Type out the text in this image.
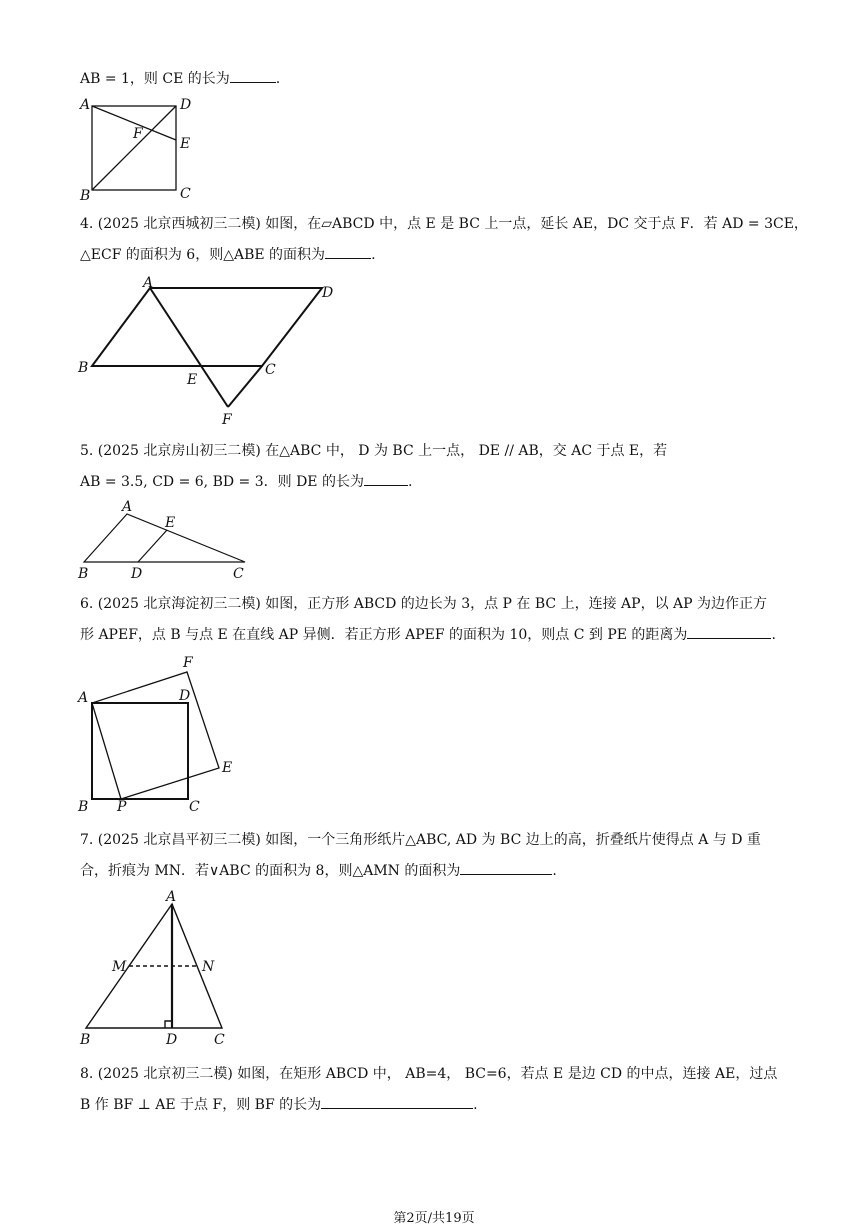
AB = 1，则 CE 的长为	.
A	D
F
E
B	C
4. (2025 北京西城初三二模) 如图，在▱ABCD 中，点 E 是 BC 上一点，延长 AE，DC 交于点 F．若 AD = 3CE，
△ECF 的面积为 6，则△ABE 的面积为	.
A
D
B
E
C
F
5. (2025 北京房山初三二模) 在△ABC 中， D 为 BC 上一点， DE // AB，交 AC 于点 E，若
AB = 3.5, CD = 6, BD = 3．则 DE 的长为	.
A
E
B	D	C
6. (2025 北京海淀初三二模) 如图，正方形 ABCD 的边长为 3，点 P 在 BC 上，连接 AP，以 AP 为边作正方
形 APEF，点 B 与点 E 在直线 AP 异侧．若正方形 APEF 的面积为 10，则点 C 到 PE 的距离为	.
F
A	D
E
B P	C
7. (2025 北京昌平初三二模) 如图，一个三角形纸片△ABC, AD 为 BC 边上的高，折叠纸片使得点 A 与 D 重
合，折痕为 MN．若∨ABC 的面积为 8，则△AMN 的面积为	.
A
M	N
B	D	C
8. (2025 北京初三二模) 如图，在矩形 ABCD 中， AB=4， BC=6，若点 E 是边 CD 的中点，连接 AE，过点
B 作 BF ⊥ AE 于点 F，则 BF 的长为	.
第2页/共19页
